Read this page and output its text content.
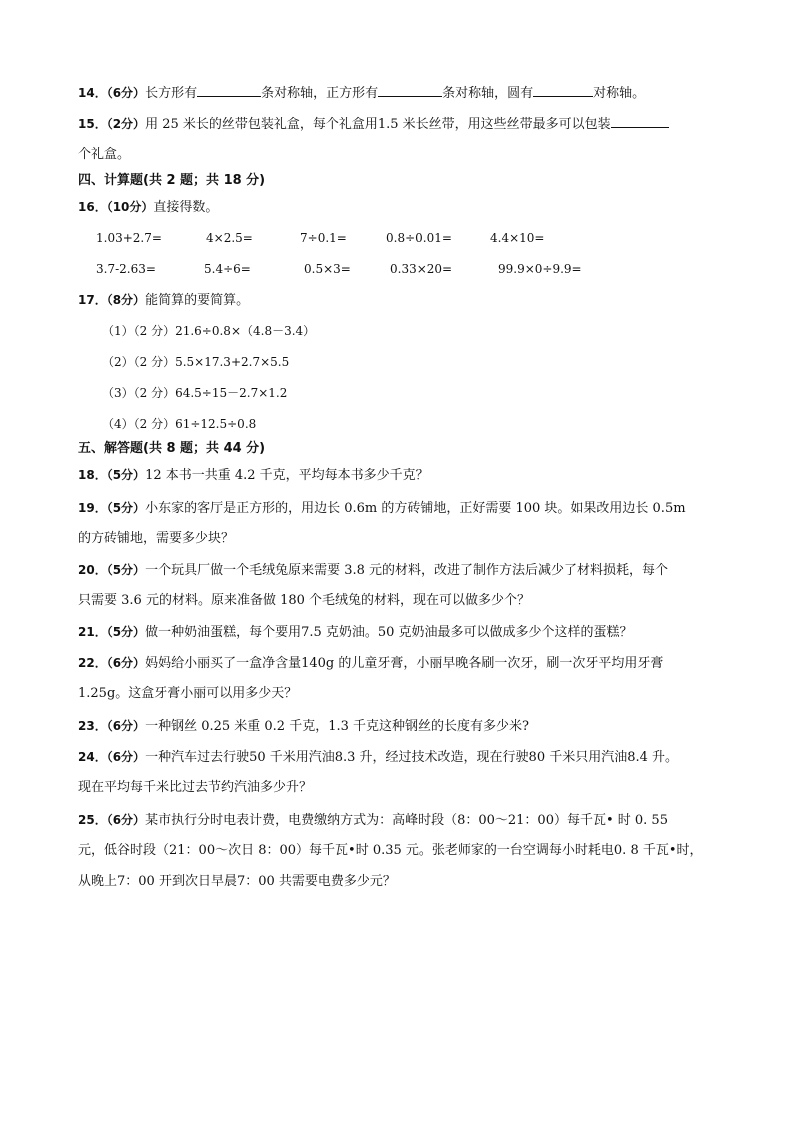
14．（6分）长方形有	条对称轴，正方形有	条对称轴，圆有	对称轴。
15．（2分）用 25 米长的丝带包装礼盒，每个礼盒用1.5 米长丝带，用这些丝带最多可以包装
个礼盒。
四、计算题(共 2 题；共 18 分)
16．（10分）直接得数。
1.03+2.7=	4×2.5=	7÷0.1=	0.8÷0.01=	4.4×10=
3.7-2.63=	5.4÷6=	0.5×3=	0.33×20=	99.9×0÷9.9=
17．（8分）能简算的要简算。
（1）（2 分）21.6÷0.8×（4.8－3.4）
（2）（2 分）5.5×17.3+2.7×5.5
（3）（2 分）64.5÷15－2.7×1.2
（4）（2 分）61÷12.5÷0.8
五、解答题(共 8 题；共 44 分)
18．（5分）12 本书一共重 4.2 千克，平均每本书多少千克？
19．（5分）小东家的客厅是正方形的，用边长 0.6m 的方砖铺地，正好需要 100 块。如果改用边长 0.5m
的方砖铺地，需要多少块？
20．（5分）一个玩具厂做一个毛绒兔原来需要 3.8 元的材料，改进了制作方法后减少了材料损耗，每个
只需要 3.6 元的材料。原来准备做 180 个毛绒兔的材料，现在可以做多少个？
21．（5分）做一种奶油蛋糕，每个要用7.5 克奶油。50 克奶油最多可以做成多少个这样的蛋糕？
22．（6分）妈妈给小丽买了一盒净含量140g 的儿童牙膏，小丽早晚各刷一次牙，刷一次牙平均用牙膏
1.25g。这盒牙膏小丽可以用多少天？
23．（6分）一种钢丝 0.25 米重 0.2 千克，1.3 千克这种钢丝的长度有多少米?
24．（6分）一种汽车过去行驶50 千米用汽油8.3 升，经过技术改造，现在行驶80 千米只用汽油8.4 升。
现在平均每千米比过去节约汽油多少升？
25．（6分）某市执行分时电表计费，电费缴纳方式为：高峰时段（8：00～21：00）每千瓦• 时 0. 55
元，低谷时段（21：00～次日 8：00）每千瓦•时 0.35 元。张老师家的一台空调每小时耗电0. 8 千瓦•时，
从晚上7：00 开到次日早晨7：00 共需要电费多少元？
